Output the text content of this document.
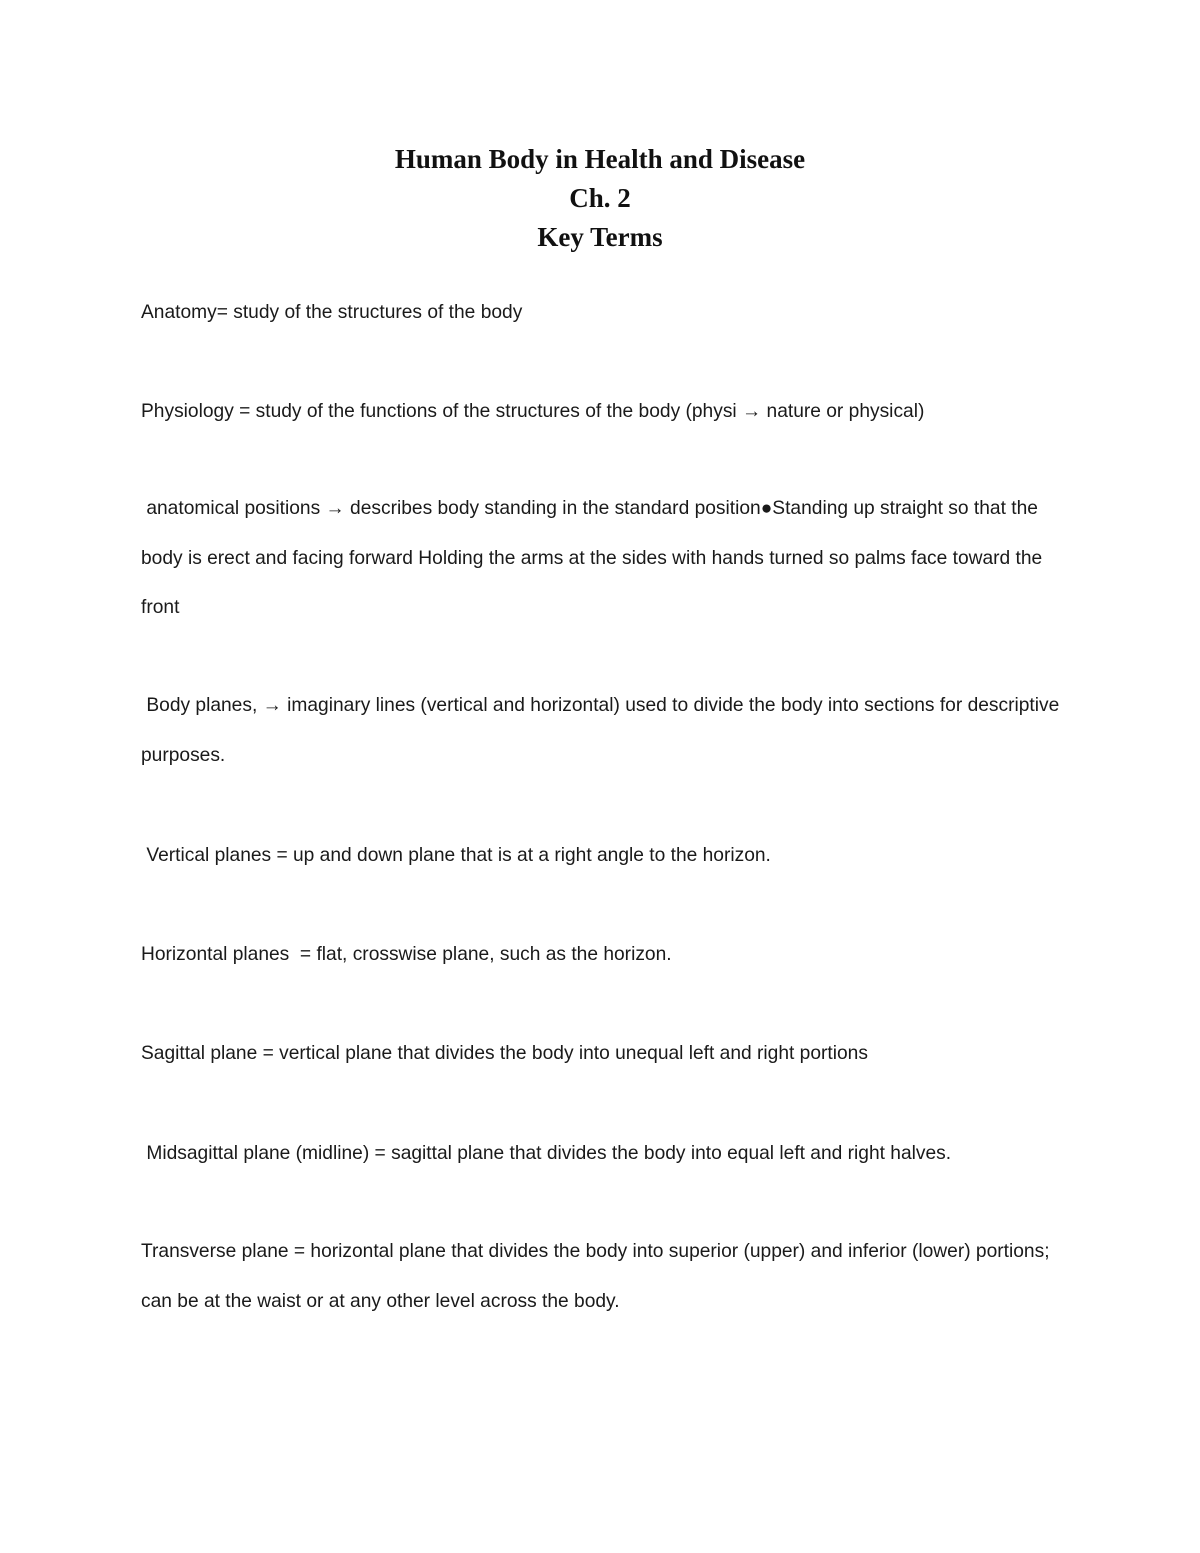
Human Body in Health and Disease
Ch. 2
Key Terms

Anatomy= study of the structures of the body

Physiology = study of the functions of the structures of the body (physi → nature or physical)

anatomical positions → describes body standing in the standard position●Standing up straight so that the body is erect and facing forward Holding the arms at the sides with hands turned so palms face toward the front

Body planes, → imaginary lines (vertical and horizontal) used to divide the body into sections for descriptive purposes.

Vertical planes = up and down plane that is at a right angle to the horizon.

Horizontal planes  = flat, crosswise plane, such as the horizon.

Sagittal plane = vertical plane that divides the body into unequal left and right portions

Midsagittal plane (midline) = sagittal plane that divides the body into equal left and right halves.

Transverse plane = horizontal plane that divides the body into superior (upper) and inferior (lower) portions; can be at the waist or at any other level across the body.
